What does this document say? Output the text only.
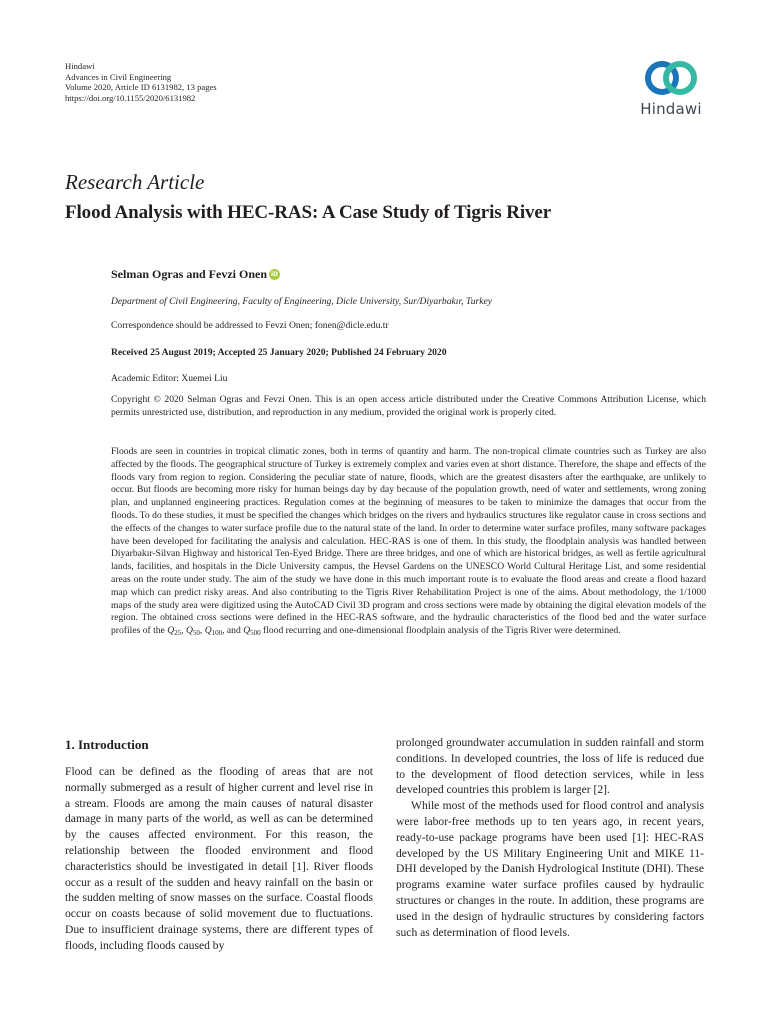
Hindawi
Advances in Civil Engineering
Volume 2020, Article ID 6131982, 13 pages
https://doi.org/10.1155/2020/6131982
Hindawi
Research Article
Flood Analysis with HEC-RAS: A Case Study of Tigris River
Selman Ogras and Fevzi Onen iD
Department of Civil Engineering, Faculty of Engineering, Dicle University, Sur/Diyarbakır, Turkey
Correspondence should be addressed to Fevzi Onen; fonen@dicle.edu.tr
Received 25 August 2019; Accepted 25 January 2020; Published 24 February 2020
Academic Editor: Xuemei Liu
Copyright © 2020 Selman Ogras and Fevzi Onen. This is an open access article distributed under the Creative Commons Attribution License, which permits unrestricted use, distribution, and reproduction in any medium, provided the original work is properly cited.
Floods are seen in countries in tropical climatic zones, both in terms of quantity and harm. The non-tropical climate countries such as Turkey are also affected by the floods. The geographical structure of Turkey is extremely complex and varies even at short distance. Therefore, the shape and effects of the floods vary from region to region. Considering the peculiar state of nature, floods, which are the greatest disasters after the earthquake, are unlikely to occur. But floods are becoming more risky for human beings day by day because of the population growth, need of water and settlements, wrong zoning plan, and unplanned engineering practices. Regulation comes at the beginning of measures to be taken to minimize the damages that occur from the floods. To do these studies, it must be specified the changes which bridges on the rivers and hydraulics structures like regulator cause in cross sections and the effects of the changes to water surface profile due to the natural state of the land. In order to determine water surface profiles, many software packages have been developed for facilitating the analysis and calculation. HEC-RAS is one of them. In this study, the floodplain analysis was handled between Diyarbakır-Silvan Highway and historical Ten-Eyed Bridge. There are three bridges, and one of which are historical bridges, as well as fertile agricultural lands, facilities, and hospitals in the Dicle University campus, the Hevsel Gardens on the UNESCO World Cultural Heritage List, and some residential areas on the route under study. The aim of the study we have done in this much important route is to evaluate the flood areas and create a flood hazard map which can predict risky areas. And also contributing to the Tigris River Rehabilitation Project is one of the aims. About methodology, the 1/1000 maps of the study area were digitized using the AutoCAD Civil 3D program and cross sections were made by obtaining the digital elevation models of the region. The obtained cross sections were defined in the HEC-RAS software, and the hydraulic characteristics of the flood bed and the water surface profiles of the $Q_{25}$, $Q_{50}$, $Q_{100}$, and $Q_{500}$ flood recurring and one-dimensional floodplain analysis of the Tigris River were determined.
1. Introduction

Flood can be defined as the flooding of areas that are not normally submerged as a result of higher current and level rise in a stream. Floods are among the main causes of natural disaster damage in many parts of the world, as well as can be determined by the causes affected environment. For this reason, the relationship between the flooded environment and flood characteristics should be investigated in detail [1]. River floods occur as a result of the sudden and heavy rainfall on the basin or the sudden melting of snow masses on the surface. Coastal floods occur on coasts because of solid movement due to fluctuations. Due to insufficient drainage systems, there are different types of floods, including floods caused by

prolonged groundwater accumulation in sudden rainfall and storm conditions. In developed countries, the loss of life is reduced due to the development of flood detection services, while in less developed countries this problem is larger [2].

While most of the methods used for flood control and analysis were labor-free methods up to ten years ago, in recent years, ready-to-use package programs have been used [1]: HEC-RAS developed by the US Military Engineering Unit and MIKE 11-DHI developed by the Danish Hydrological Institute (DHI). These programs examine water surface profiles caused by hydraulic structures or changes in the route. In addition, these programs are used in the design of hydraulic structures by considering factors such as determination of flood levels.
